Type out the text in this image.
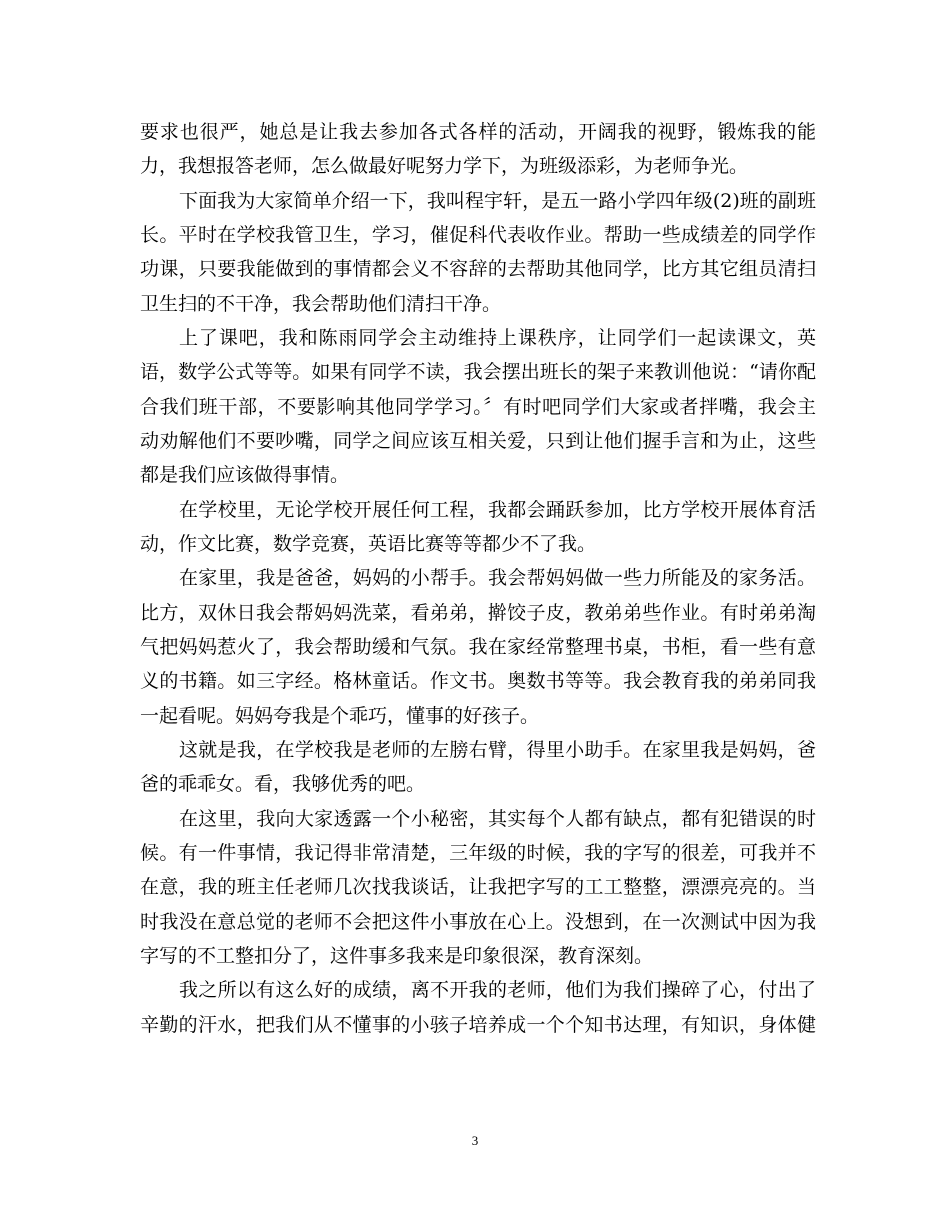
要求也很严，她总是让我去参加各式各样的活动，开阔我的视野，锻炼我的能
力，我想报答老师，怎么做最好呢努力学下，为班级添彩，为老师争光。
下面我为大家简单介绍一下，我叫程宇轩，是五一路小学四年级(2)班的副班
长。平时在学校我管卫生，学习，催促科代表收作业。帮助一些成绩差的同学作
功课，只要我能做到的事情都会义不容辞的去帮助其他同学，比方其它组员清扫
卫生扫的不干净，我会帮助他们清扫干净。
上了课吧，我和陈雨同学会主动维持上课秩序，让同学们一起读课文，英
语，数学公式等等。如果有同学不读，我会摆出班长的架子来教训他说：“请你配
合我们班干部，不要影响其他同学学习。〞有时吧同学们大家或者拌嘴，我会主
动劝解他们不要吵嘴，同学之间应该互相关爱，只到让他们握手言和为止，这些
都是我们应该做得事情。
在学校里，无论学校开展任何工程，我都会踊跃参加，比方学校开展体育活
动，作文比赛，数学竞赛，英语比赛等等都少不了我。
在家里，我是爸爸，妈妈的小帮手。我会帮妈妈做一些力所能及的家务活。
比方，双休日我会帮妈妈洗菜，看弟弟，擀饺子皮，教弟弟些作业。有时弟弟淘
气把妈妈惹火了，我会帮助缓和气氛。我在家经常整理书桌，书柜，看一些有意
义的书籍。如三字经。格林童话。作文书。奥数书等等。我会教育我的弟弟同我
一起看呢。妈妈夸我是个乖巧，懂事的好孩子。
这就是我，在学校我是老师的左膀右臂，得里小助手。在家里我是妈妈，爸
爸的乖乖女。看，我够优秀的吧。
在这里，我向大家透露一个小秘密，其实每个人都有缺点，都有犯错误的时
候。有一件事情，我记得非常清楚，三年级的时候，我的字写的很差，可我并不
在意，我的班主任老师几次找我谈话，让我把字写的工工整整，漂漂亮亮的。当
时我没在意总觉的老师不会把这件小事放在心上。没想到，在一次测试中因为我
字写的不工整扣分了，这件事多我来是印象很深，教育深刻。
我之所以有这么好的成绩，离不开我的老师，他们为我们操碎了心，付出了
辛勤的汗水，把我们从不懂事的小骇子培养成一个个知书达理，有知识，身体健
3
